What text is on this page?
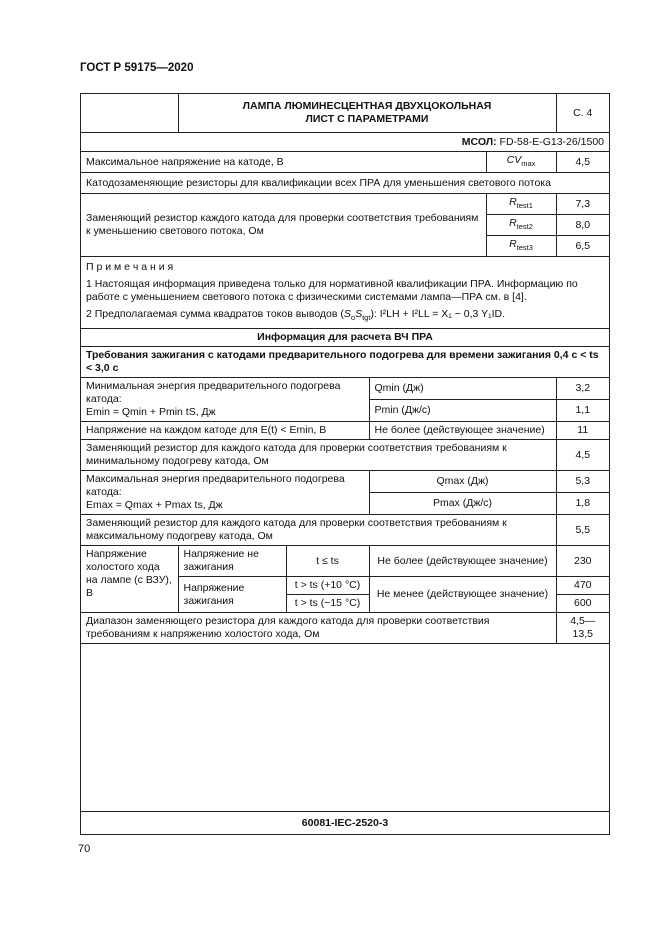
ГОСТ Р 59175—2020

	ЛАМПА ЛЮМИНЕСЦЕНТНАЯ ДВУХЦОКОЛЬНАЯ
ЛИСТ С ПАРАМЕТРАМИ				С. 4
МСОЛ: FD-58-E-G13-26/1500					
Максимальное напряжение на катоде, В				$CV_{max}$	4,5
Катодозаменяющие резисторы для квалификации всех ПРА для уменьшения светового потока					
Заменяющий резистор каждого катода для проверки соответствия требованиям к уменьшению светового потока, Ом				$R_{test1}$	7,3
				$R_{test2}$	8,0
				$R_{test3}$	6,5

П р и м е ч а н и я
1 Настоящая информация приведена только для нормативной квалификации ПРА. Информацию по работе с уменьшением светового потока с физическими системами лампа—ПРА см. в [4].
2 Предполагаемая сумма квадратов токов выводов $(S_oS_{tgt})$: I²LH + I²LL = X₁ − 0,3 Y₁ID.					

Информация для расчета ВЧ ПРА					
Требования зажигания с катодами предварительного подогрева для времени зажигания 0,4 с < ts < 3,0 с					

Минимальная энергия предварительного подогрева катода:
Emin = Qmin + Pmin tS, Дж			Qmin (Дж)		3,2
			Pmin (Дж/с)		1,1
Напряжение на каждом катоде для E(t) < Emin, В			Не более (действующее значение)		11
Заменяющий резистор для каждого катода для проверки соответствия требованиям к минимальному подогреву катода, Ом					4,5

Максимальная энергия предварительного подогрева катода:
Emax = Qmax + Pmax ts, Дж			Qmax (Дж)		5,3
			Pmax (Дж/с)		1,8
Заменяющий резистор для каждого катода для проверки соответствия требованиям к максимальному подогреву катода, Ом					5,5
Напряжение холостого хода на лампе (с ВЗУ), В	Напряжение не зажигания	t ≤ ts	Не более (действующее значение)		230
	Напряжение зажигания	t > ts (+10 °C)	Не менее (действующее значение)		470
		t > ts (−15 °C)			600
Диапазон заменяющего резистора для каждого катода для проверки соответствия требованиям к напряжению холостого хода, Ом					4,5—13,5
60081-IEC-2520-3
70
